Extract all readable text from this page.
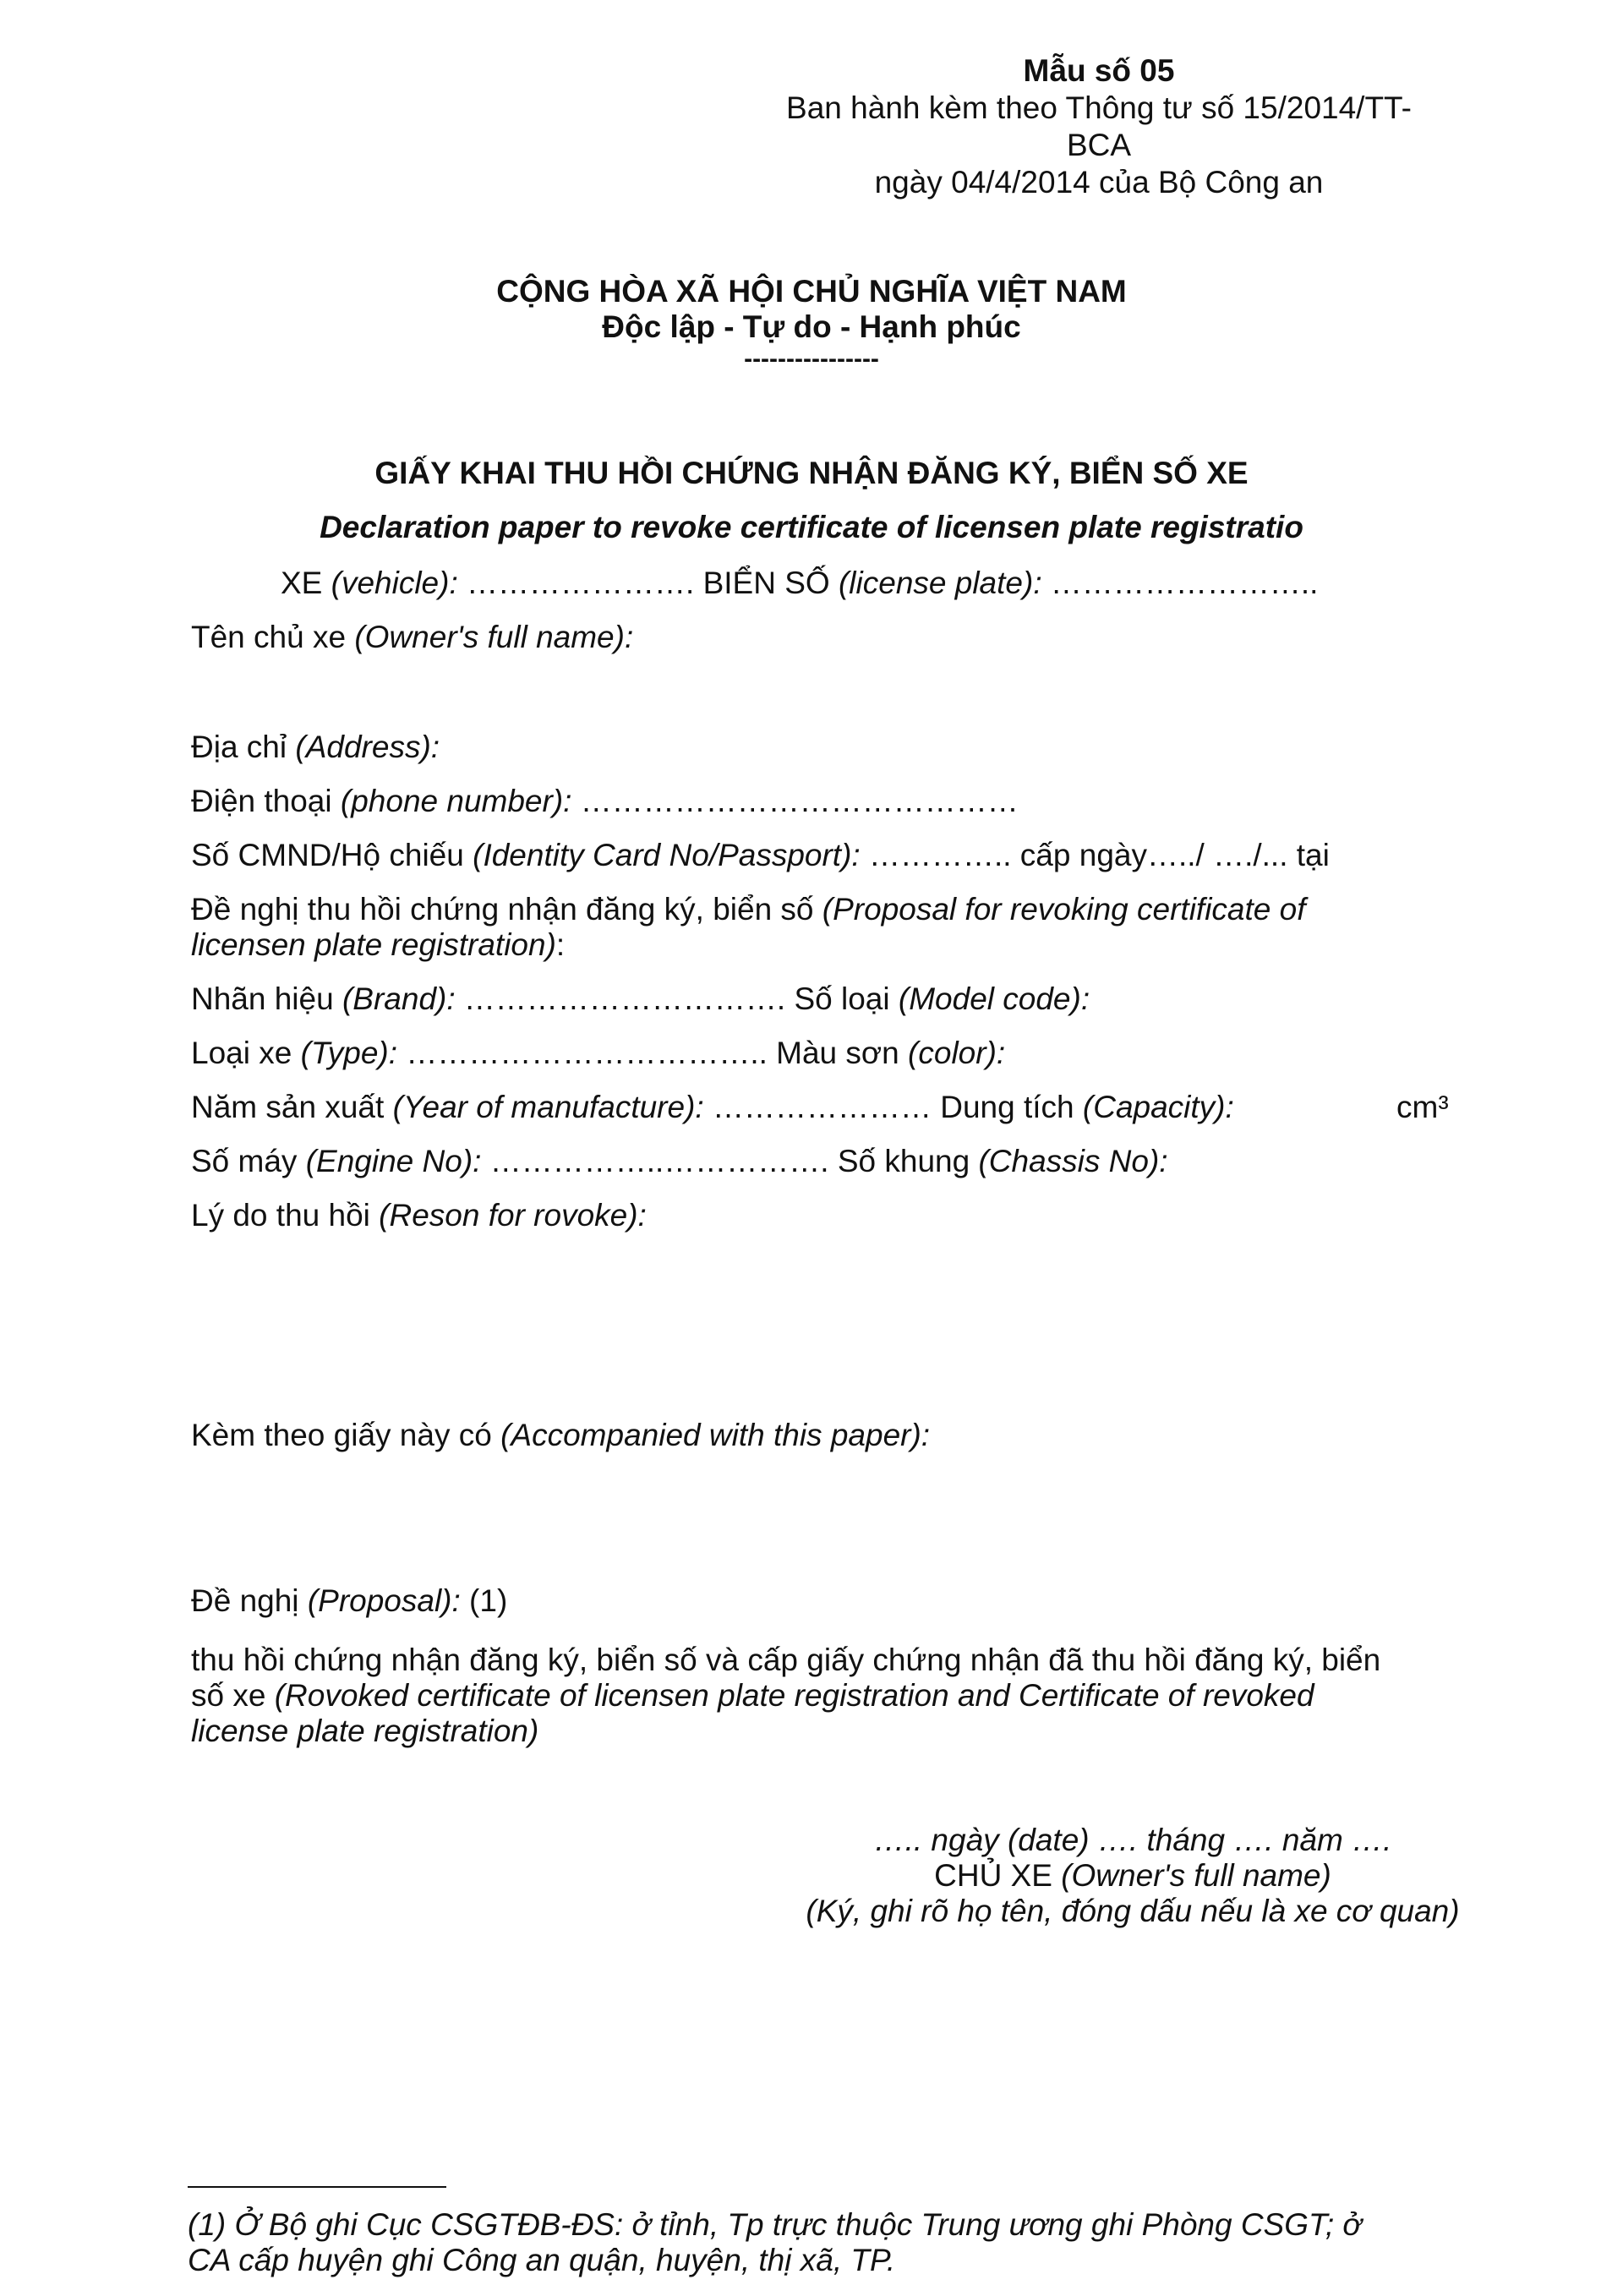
Mẫu số 05
Ban hành kèm theo Thông tư số 15/2014/TT-
BCA
ngày 04/4/2014 của Bộ Công an
CỘNG HÒA XÃ HỘI CHỦ NGHĨA VIỆT NAM
Độc lập - Tự do - Hạnh phúc
----------------
GIẤY KHAI THU HỒI CHỨNG NHẬN ĐĂNG KÝ, BIỂN SỐ XE
Declaration paper to revoke certificate of licensen plate registratio
XE (vehicle): …………………. BIỂN SỐ (license plate): ……………………..
Tên chủ xe (Owner's full name):
Địa chỉ (Address):
Điện thoại (phone number): ……………………………………
Số CMND/Hộ chiếu (Identity Card No/Passport): ………….. cấp ngày…../ …./... tại
Đề nghị thu hồi chứng nhận đăng ký, biển số (Proposal for revoking certificate of
licensen plate registration):
Nhãn hiệu (Brand): …………………………. Số loại (Model code):
Loại xe (Type): …………………………….. Màu sơn (color):
Năm sản xuất (Year of manufacture): ………………… Dung tích (Capacity):	cm³
Số máy (Engine No): ……………..……………. Số khung (Chassis No):
Lý do thu hồi (Reson for rovoke):
Kèm theo giấy này có (Accompanied with this paper):
Đề nghị (Proposal): (1)
thu hồi chứng nhận đăng ký, biển số và cấp giấy chứng nhận đã thu hồi đăng ký, biển
số xe (Rovoked certificate of licensen plate registration and Certificate of revoked
license plate registration)
….. ngày (date) …. tháng …. năm ….
CHỦ XE (Owner's full name)
(Ký, ghi rõ họ tên, đóng dấu nếu là xe cơ quan)
(1) Ở Bộ ghi Cục CSGTĐB-ĐS: ở tỉnh, Tp trực thuộc Trung ương ghi Phòng CSGT; ở
CA cấp huyện ghi Công an quận, huyện, thị xã, TP.
